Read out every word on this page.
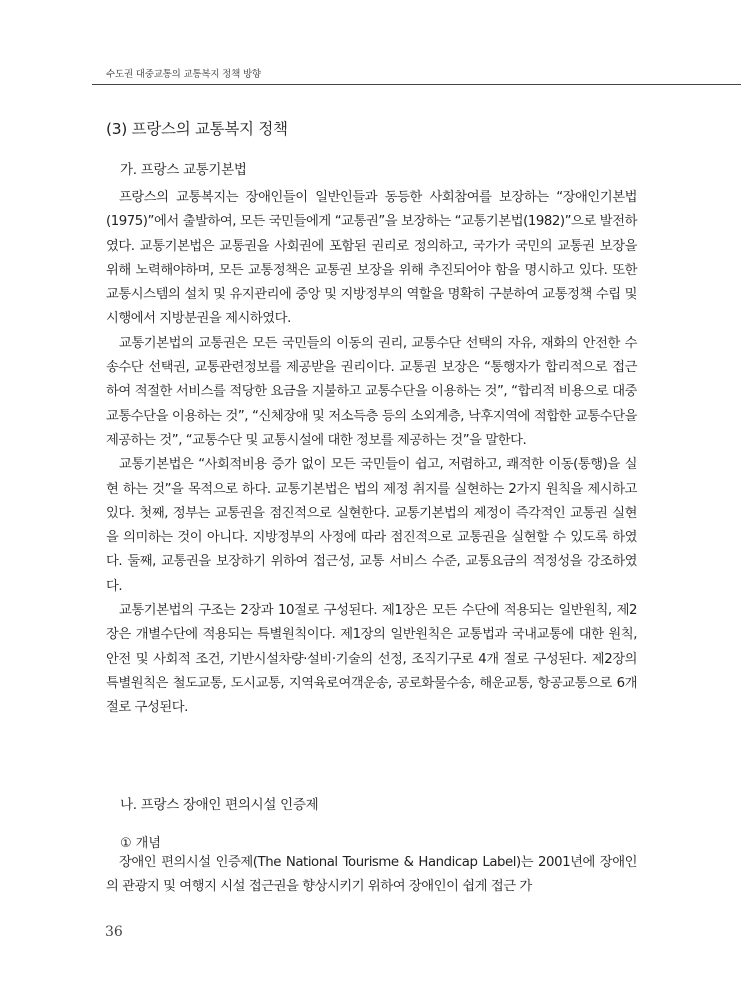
수도권 대중교통의 교통복지 정책 방향
(3) 프랑스의 교통복지 정책
가. 프랑스 교통기본법

프랑스의 교통복지는 장애인들이 일반인들과 동등한 사회참여를 보장하는 “장애인기본법(1975)”에서 출발하여, 모든 국민들에게 “교통권”을 보장하는 “교통기본법(1982)”으로 발전하였다. 교통기본법은 교통권을 사회권에 포함된 권리로 정의하고, 국가가 국민의 교통권 보장을 위해 노력해야하며, 모든 교통정책은 교통권 보장을 위해 추진되어야 함을 명시하고 있다. 또한 교통시스템의 설치 및 유지관리에 중앙 및 지방정부의 역할을 명확히 구분하여 교통정책 수립 및 시행에서 지방분권을 제시하였다.

교통기본법의 교통권은 모든 국민들의 이동의 권리, 교통수단 선택의 자유, 재화의 안전한 수송수단 선택권, 교통관련정보를 제공받을 권리이다. 교통권 보장은 “통행자가 합리적으로 접근하여 적절한 서비스를 적당한 요금을 지불하고 교통수단을 이용하는 것”, “합리적 비용으로 대중교통수단을 이용하는 것”, “신체장애 및 저소득층 등의 소외계층, 낙후지역에 적합한 교통수단을 제공하는 것”, “교통수단 및 교통시설에 대한 정보를 제공하는 것”을 말한다.

교통기본법은 “사회적비용 증가 없이 모든 국민들이 쉽고, 저렴하고, 쾌적한 이동(통행)을 실현 하는 것”을 목적으로 하다. 교통기본법은 법의 제정 취지를 실현하는 2가지 원칙을 제시하고 있다. 첫째, 정부는 교통권을 점진적으로 실현한다. 교통기본법의 제정이 즉각적인 교통권 실현을 의미하는 것이 아니다. 지방정부의 사정에 따라 점진적으로 교통권을 실현할 수 있도록 하였다. 둘째, 교통권을 보장하기 위하여 접근성, 교통 서비스 수준, 교통요금의 적정성을 강조하였다.

교통기본법의 구조는 2장과 10절로 구성된다. 제1장은 모든 수단에 적용되는 일반원칙, 제2장은 개별수단에 적용되는 특별원칙이다. 제1장의 일반원칙은 교통법과 국내교통에 대한 원칙, 안전 및 사회적 조건, 기반시설차량·설비·기술의 선정, 조직기구로 4개 절로 구성된다. 제2장의 특별원칙은 철도교통, 도시교통, 지역육로여객운송, 공로화물수송, 해운교통, 항공교통으로 6개 절로 구성된다.

나. 프랑스 장애인 편의시설 인증제
① 개념

장애인 편의시설 인증제(The National Tourisme & Handicap Label)는 2001년에 장애인의 관광지 및 여행지 시설 접근권을 향상시키기 위하여 장애인이 쉽게 접근 가

36
